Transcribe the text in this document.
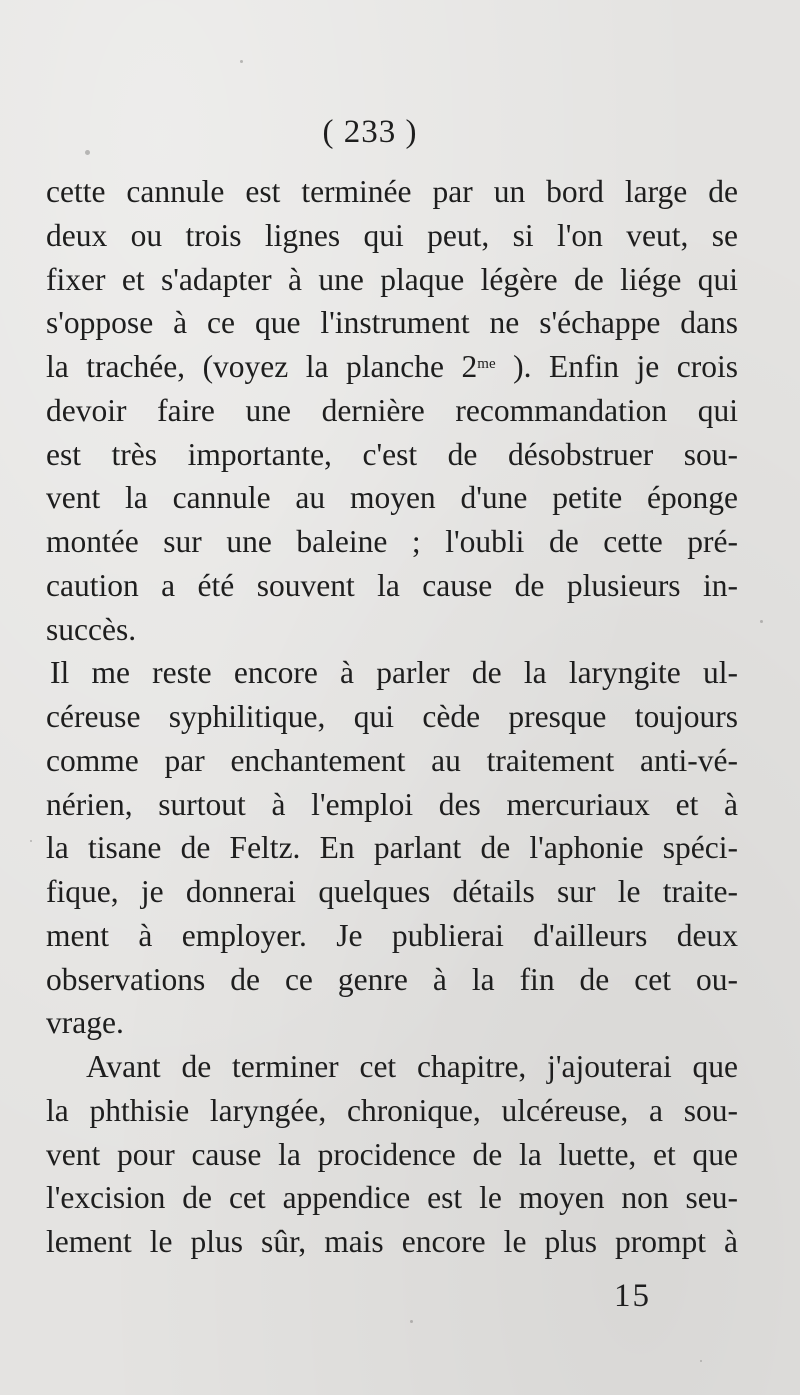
( 233 )
cette cannule est terminée par un bord large de
deux ou trois lignes qui peut, si l'on veut, se
fixer et s'adapter à une plaque légère de liége qui
s'oppose à ce que l'instrument ne s'échappe dans
la trachée, (voyez la planche $2^{me}$ ). Enfin je crois
devoir faire une dernière recommandation qui
est très importante, c'est de désobstruer sou-
vent la cannule au moyen d'une petite éponge
montée sur une baleine ; l'oubli de cette pré-
caution a été souvent la cause de plusieurs in-
succès.
Il me reste encore à parler de la laryngite ul-
céreuse syphilitique, qui cède presque toujours
comme par enchantement au traitement anti-vé-
nérien, surtout à l'emploi des mercuriaux et à
la tisane de Feltz. En parlant de l'aphonie spéci-
fique, je donnerai quelques détails sur le traite-
ment à employer. Je publierai d'ailleurs deux
observations de ce genre à la fin de cet ou-
vrage.
Avant de terminer cet chapitre, j'ajouterai que
la phthisie laryngée, chronique, ulcéreuse, a sou-
vent pour cause la procidence de la luette, et que
l'excision de cet appendice est le moyen non seu-
lement le plus sûr, mais encore le plus prompt à
15
